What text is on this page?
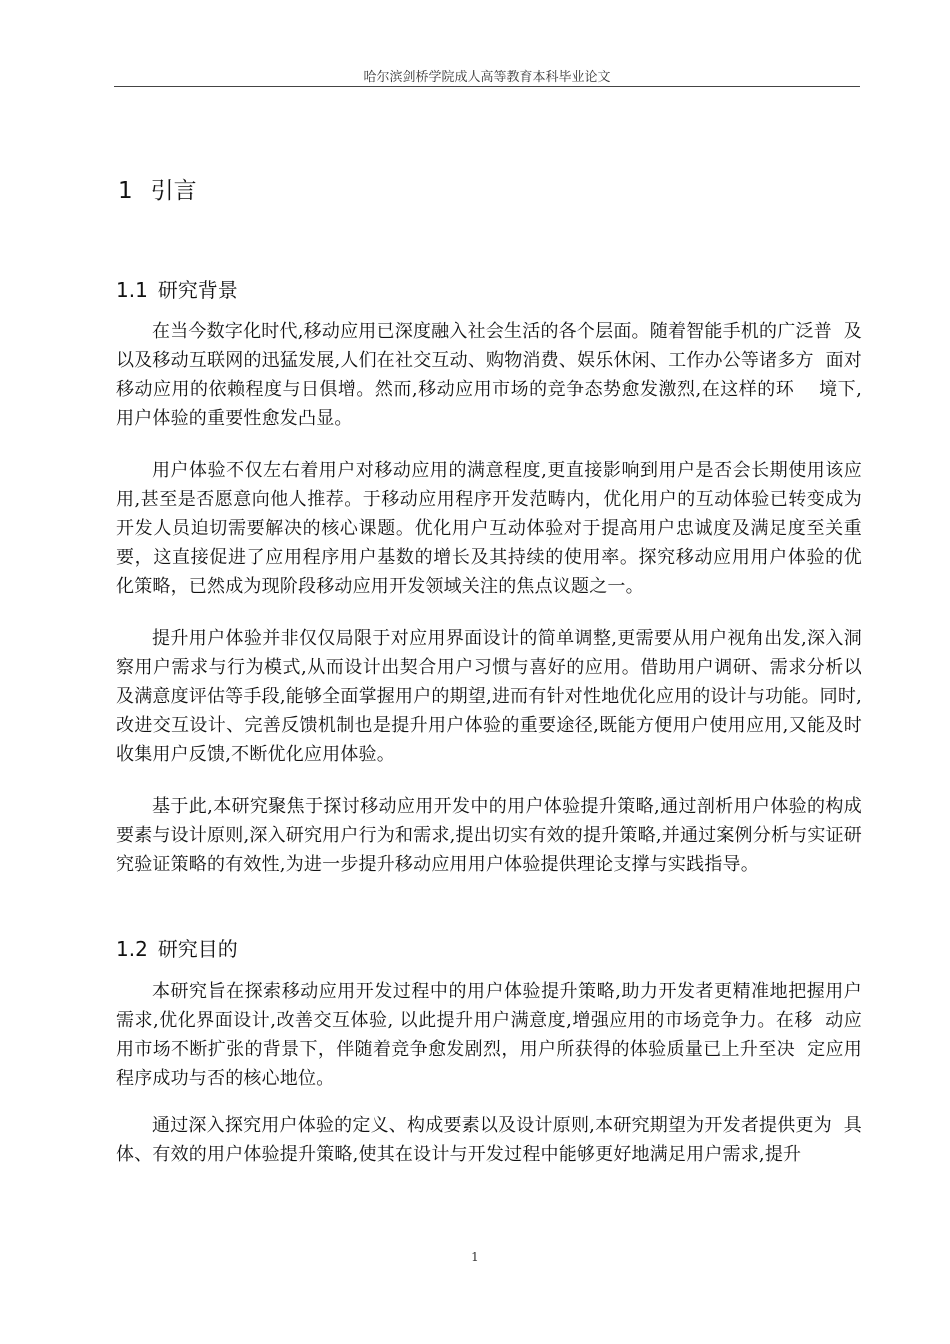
哈尔滨剑桥学院成人高等教育本科毕业论文
1 引言
1.1 研究背景

在当今数字化时代,移动应用已深度融入社会生活的各个层面。随着智能手机的广泛普  及以及移动互联网的迅猛发展,人们在社交互动、购物消费、娱乐休闲、工作办公等诸多方  面对移动应用的依赖程度与日俱增。然而,移动应用市场的竞争态势愈发激烈,在这样的环    境下,用户体验的重要性愈发凸显。

用户体验不仅左右着用户对移动应用的满意程度,更直接影响到用户是否会长期使用该应用,甚至是否愿意向他人推荐。于移动应用程序开发范畴内，优化用户的互动体验已转变成为开发人员迫切需要解决的核心课题。优化用户互动体验对于提高用户忠诚度及满足度至关重要，这直接促进了应用程序用户基数的增长及其持续的使用率。探究移动应用用户体验的优化策略，已然成为现阶段移动应用开发领域关注的焦点议题之一。

提升用户体验并非仅仅局限于对应用界面设计的简单调整,更需要从用户视角出发,深入洞察用户需求与行为模式,从而设计出契合用户习惯与喜好的应用。借助用户调研、需求分析以及满意度评估等手段,能够全面掌握用户的期望,进而有针对性地优化应用的设计与功能。同时,改进交互设计、完善反馈机制也是提升用户体验的重要途径,既能方便用户使用应用,又能及时收集用户反馈,不断优化应用体验。

基于此,本研究聚焦于探讨移动应用开发中的用户体验提升策略,通过剖析用户体验的构成要素与设计原则,深入研究用户行为和需求,提出切实有效的提升策略,并通过案例分析与实证研究验证策略的有效性,为进一步提升移动应用用户体验提供理论支撑与实践指导。

1.2 研究目的

本研究旨在探索移动应用开发过程中的用户体验提升策略,助力开发者更精准地把握用户需求,优化界面设计,改善交互体验, 以此提升用户满意度,增强应用的市场竞争力。在移  动应用市场不断扩张的背景下，伴随着竞争愈发剧烈，用户所获得的体验质量已上升至决  定应用程序成功与否的核心地位。

通过深入探究用户体验的定义、构成要素以及设计原则,本研究期望为开发者提供更为  具体、有效的用户体验提升策略,使其在设计与开发过程中能够更好地满足用户需求,提升

1
